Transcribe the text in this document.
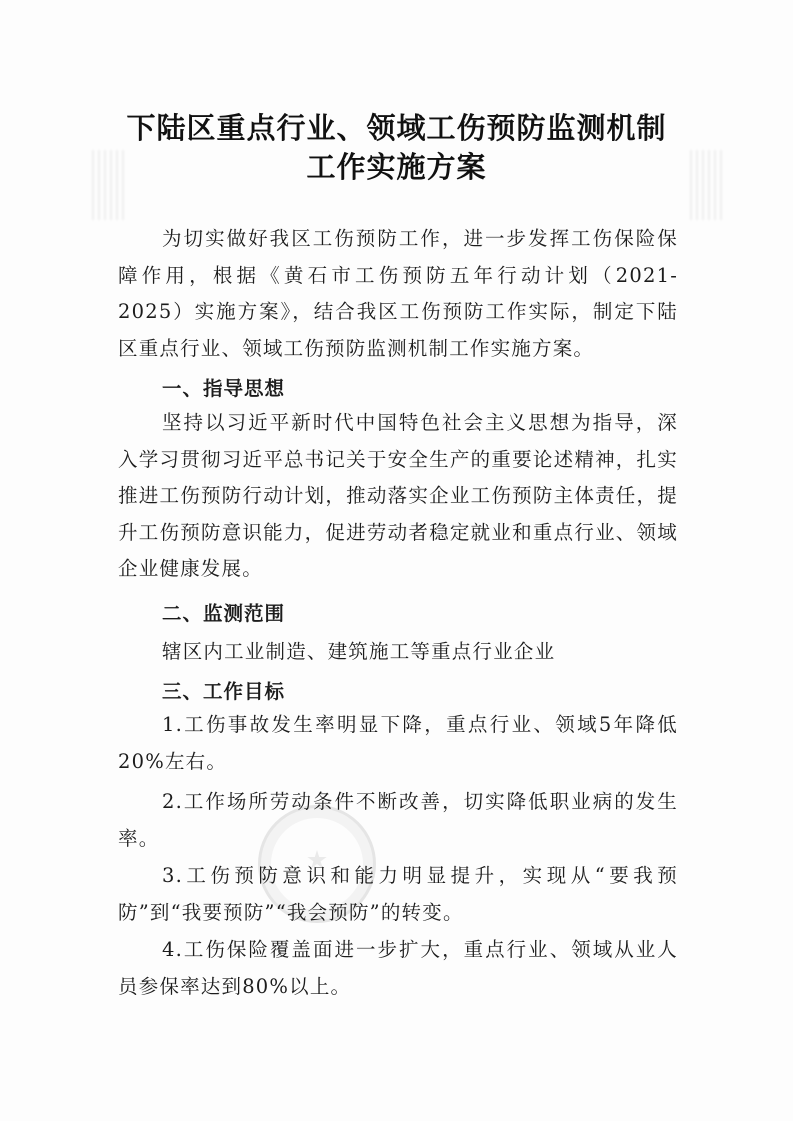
下陆区重点行业、领域工伤预防监测机制
工作实施方案

为切实做好我区工伤预防工作，进一步发挥工伤保险保障作用，根据《黄石市工伤预防五年行动计划（2021-2025）实施方案》，结合我区工伤预防工作实际，制定下陆区重点行业、领域工伤预防监测机制工作实施方案。

一、指导思想

坚持以习近平新时代中国特色社会主义思想为指导，深入学习贯彻习近平总书记关于安全生产的重要论述精神，扎实推进工伤预防行动计划，推动落实企业工伤预防主体责任，提升工伤预防意识能力，促进劳动者稳定就业和重点行业、领域企业健康发展。

二、监测范围

辖区内工业制造、建筑施工等重点行业企业

三、工作目标

1.工伤事故发生率明显下降，重点行业、领域5年降低20%左右。

2.工作场所劳动条件不断改善，切实降低职业病的发生率。

3.工伤预防意识和能力明显提升，实现从“要我预防”到“我要预防”“我会预防”的转变。

4.工伤保险覆盖面进一步扩大，重点行业、领域从业人员参保率达到80%以上。
